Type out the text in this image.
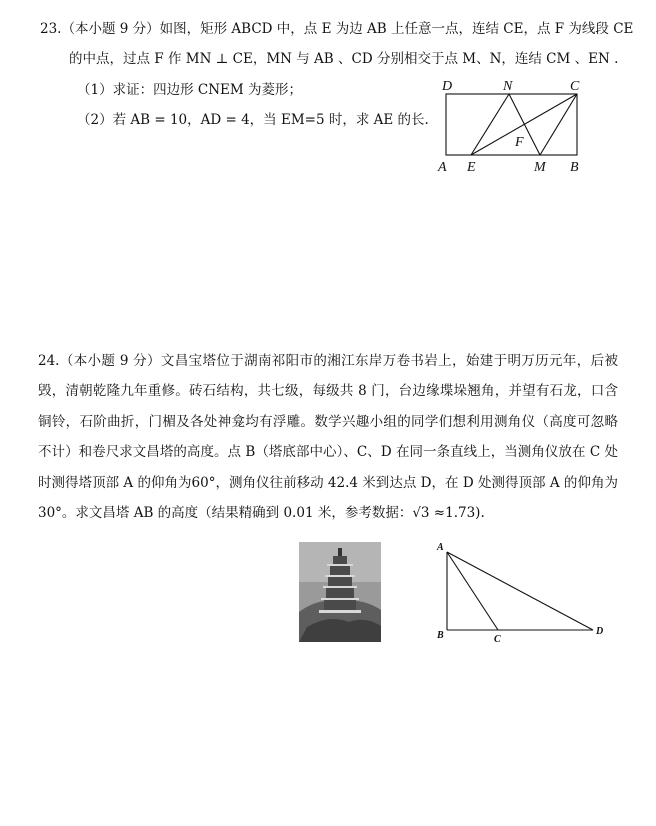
23.（本小题 9 分）如图，矩形 ABCD 中，点 E 为边 AB 上任意一点，连结 CE，点 F 为线段 CE
的中点，过点 F 作 MN ⊥ CE，MN 与 AB 、CD 分别相交于点 M、N，连结 CM 、EN .
（1）求证：四边形 CNEM 为菱形；
（2）若 AB = 10，AD = 4，当 EM=5 时，求 AE 的长.
D	N	C
F
A E	M B

24.（本小题 9 分）文昌宝塔位于湖南祁阳市的湘江东岸万卷书岩上，始建于明万历元年，后被毁，清朝乾隆九年重修。砖石结构，共七级，每级共 8 门，台边缘堞垛翘角，并望有石龙，口含铜铃，石阶曲折，门楣及各处神龛均有浮雕。数学兴趣小组的同学们想利用测角仪（高度可忽略不计）和卷尺求文昌塔的高度。点 B（塔底部中心）、C、D 在同一条直线上，当测角仪放在 C 处时测得塔顶部 A 的仰角为60°，测角仪往前移动 42.4 米到达点 D，在 D 处测得顶部 A 的仰角为30°。求文昌塔 AB 的高度（结果精确到 0.01 米，参考数据：√3 ≈1.73).

A
B	C
D
